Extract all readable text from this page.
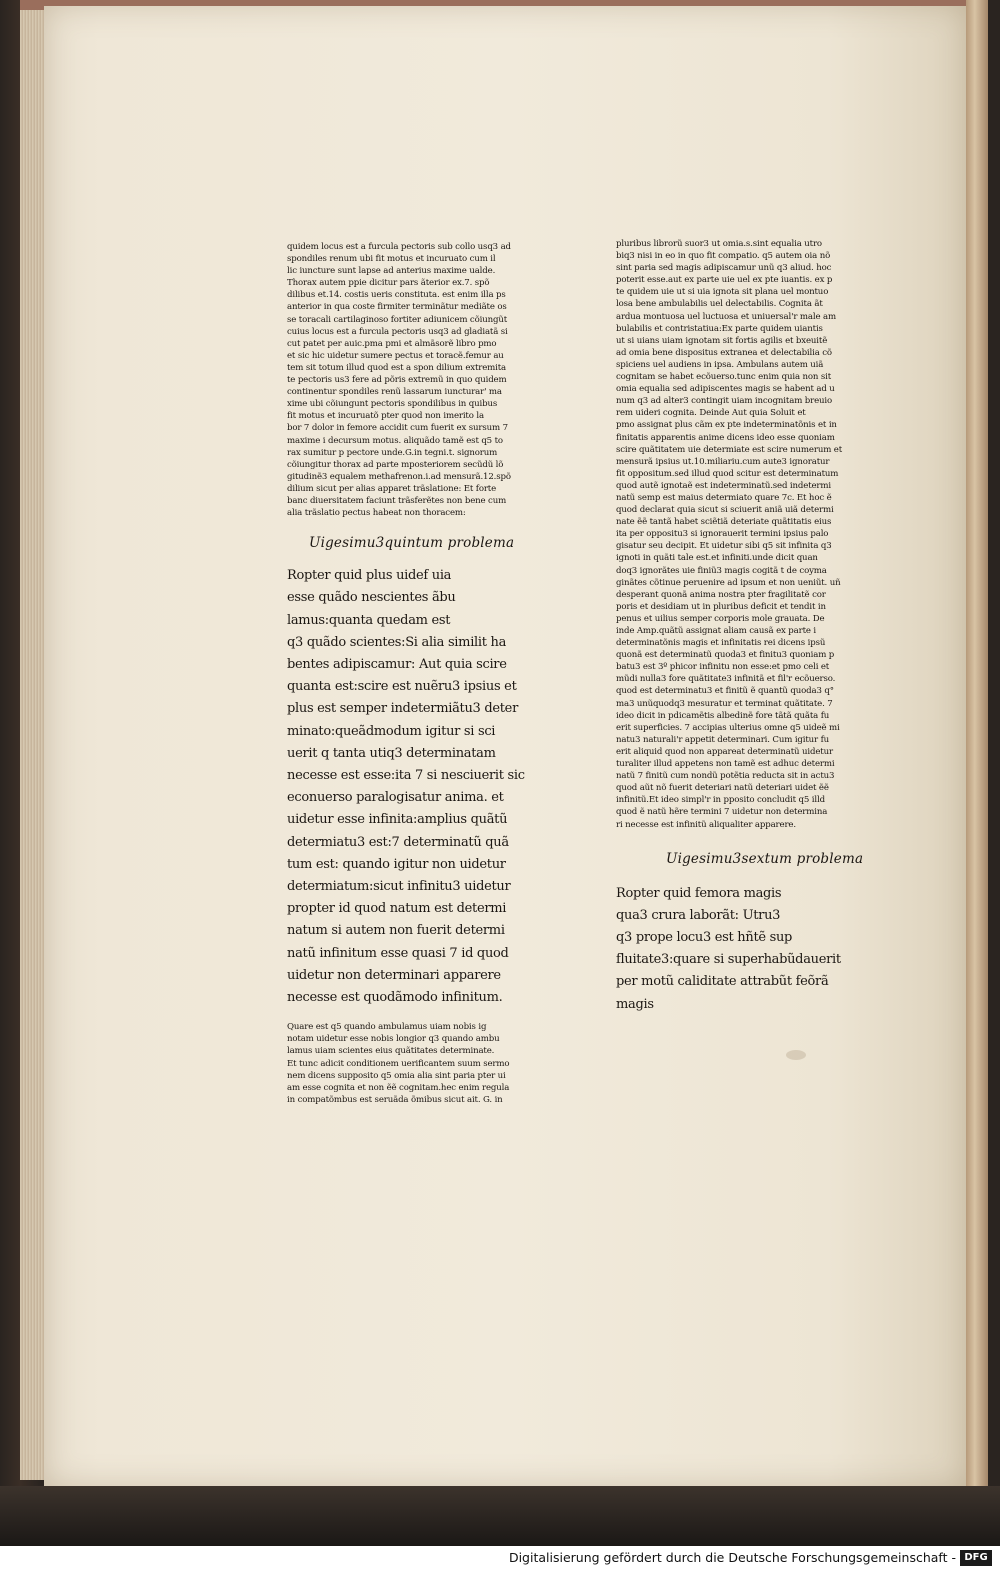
quidem locus est a furcula pectoris sub collo usq3 ad
spondiles renum ubi fit motus et incuruato cum il
lic iuncture sunt lapse ad anterius maxime ualde.
Thorax autem ppie dicitur pars ãterior ex.7. spõ
dilibus et.14. costis ueris constituta. est enim illa ps
anterior in qua coste firmiter terminãtur mediãte os
se toracali cartilaginoso fortiter adiunicem cõiungũt
cuius locus est a furcula pectoris usq3 ad gladiatã si
cut patet per auic.pma pmi et almãsorẽ libro pmo
et sic hic uidetur sumere pectus et toracẽ.femur au
tem sit totum illud quod est a spon dilium extremita
te pectoris us3 fere ad põris extremũ in quo quidem
continentur spondiles renũ lassarum iuncturar' ma
xime ubi cõiungunt pectoris spondilibus in quibus
fit motus et incuruatõ pter quod non imerito la
bor 7 dolor in femore accidit cum fuerit ex sursum 7
maxime i decursum motus. aliquãdo tamẽ est q5 to
rax sumitur p pectore unde.G.in tegni.t. signorum
cõiungitur thorax ad parte mposteriorem secũdũ lõ
gitudinẽ3 equalem methafrenon.i.ad mensurã.12.spõ
dilium sicut per alias apparet trãslatione: Et forte
banc diuersitatem faciunt trãsferẽtes non bene cum
alia trãslatio pectus habeat non thoracem:
Uigesimu3quintum problema
Ropter quid plus uidef uia
esse quãdo nescientes ãbu
lamus:quanta quedam est
q3 quãdo scientes:Si alia similit ha
bentes adipiscamur: Aut quia scire
quanta est:scire est nuẽru3 ipsius et
plus est semper indetermiãtu3 deter
minato:queãdmodum igitur si sci
uerit q tanta utiq3 determinatam
necesse est esse:ita 7 si nesciuerit sic
econuerso paralogisatur anima. et
uidetur esse infinita:amplius quãtũ
determiatu3 est:7 determinatũ quã
tum est: quando igitur non uidetur
determiatum:sicut infinitu3 uidetur
propter id quod natum est determi
natum si autem non fuerit determi
natũ infinitum esse quasi 7 id quod
uidetur non determinari apparere
necesse est quodãmodo infinitum.
Quare est q5 quando ambulamus uiam nobis ig
notam uidetur esse nobis longior q3 quando ambu
lamus uiam scientes eius quãtitates determinate.
Et tunc adicit conditionem uerificantem suum sermo
nem dicens supposito q5 omia alia sint paria pter ui
am esse cognita et non ẽẽ cognitam.hec enim regula
in compatõmbus est seruãda õmibus sicut ait. G. in
pluribus librorũ suor3 ut omia.s.sint equalia utro
biq3 nisi in eo in quo fit compatio. q5 autem oia nõ
sint paria sed magis adipiscamur unũ q3 aliud. hoc
poterit esse.aut ex parte uie uel ex pte iuantis. ex p
te quidem uie ut si uia ignota sit plana uel montuo
losa bene ambulabilis uel delectabilis. Cognita ãt
ardua montuosa uel luctuosa et uniuersal'r male am
bulabilis et contristatiua:Ex parte quidem uiantis
ut si uians uiam ignotam sit fortis agilis et bxeuitẽ
ad omia bene dispositus extranea et delectabilia cõ
spiciens uel audiens in ipsa. Ambulans autem uiã
cognitam se habet ecõuerso.tunc enim quia non sit
omia equalia sed adipiscentes magis se habent ad u
num q3 ad alter3 contingit uiam incognitam breuio
rem uideri cognita. Deinde Aut quia Soluit et
pmo assignat plus cãm ex pte indeterminatõnis et in
finitatis apparentis anime dicens ideo esse quoniam
scire quãtitatem uie determiate est scire numerum et
mensurã ipsius ut.10.miliariu.cum aute3 ignoratur
fit oppositum.sed illud quod scitur est determinatum
quod autẽ ignotaẽ est indeterminatũ.sed indetermi
natũ semp est maius determiato quare 7c. Et hoc ẽ
quod declarat quia sicut si sciuerit aniã uiã determi
nate ẽẽ tantã habet sciẽtiã deteriate quãtitatis eius
ita per oppositu3 si ignorauerit termini ipsius palo
gisatur seu decipit. Et uidetur sibi q5 sit infinita q3
ignoti in quãti tale est.et infiniti.unde dicit quan
doq3 ignorãtes uie finiũ3 magis cogitã t de coyma
ginãtes cõtinue peruenire ad ipsum et non ueniũt. uñ
desperant quonã anima nostra pter fragilitatẽ cor
poris et desidiam ut in pluribus deficit et tendit in
penus et uilius semper corporis mole grauata. De
inde Amp.quãtũ assignat aliam causã ex parte i
determinatõnis magis et infinitatis rei dicens ipsũ
quonã est determinatũ quoda3 et finitu3 quoniam p
batu3 est 3º phicor infinitu non esse:et pmo celi et
mũdi nulla3 fore quãtitate3 infinitã et fil'r ecõuerso.
quod est determinatu3 et finitũ ẽ quantũ quoda3 q°
ma3 unũquodq3 mesuratur et terminat quãtitate. 7
ideo dicit in pdicamẽtis albedinẽ fore tãtã quãta fu
erit superficies. 7 accipias ulterius omne q5 uideẽ mi
natu3 naturali'r appetit determinari. Cum igitur fu
erit aliquid quod non appareat determinatũ uidetur
turaliter illud appetens non tamẽ est adhuc determi
natũ 7 finitũ cum nondũ potẽtia reducta sit in actu3
quod aũt nõ fuerit deteriari natũ deteriari uidet ẽẽ
infinitũ.Et ideo simpl'r in pposito concludit q5 illd
quod ẽ natũ hẽre termini 7 uidetur non determina
ri necesse est infinitũ aliqualiter apparere.
Uigesimu3sextum problema
Ropter quid femora magis
qua3 crura laborãt: Utru3
q3 prope locu3 est hñtẽ sup
fluitate3:quare si superhabũdauerit
per motũ caliditate attrabũt feõrã
magis
Digitalisierung gefördert durch die Deutsche Forschungsgemeinschaft - DFG
